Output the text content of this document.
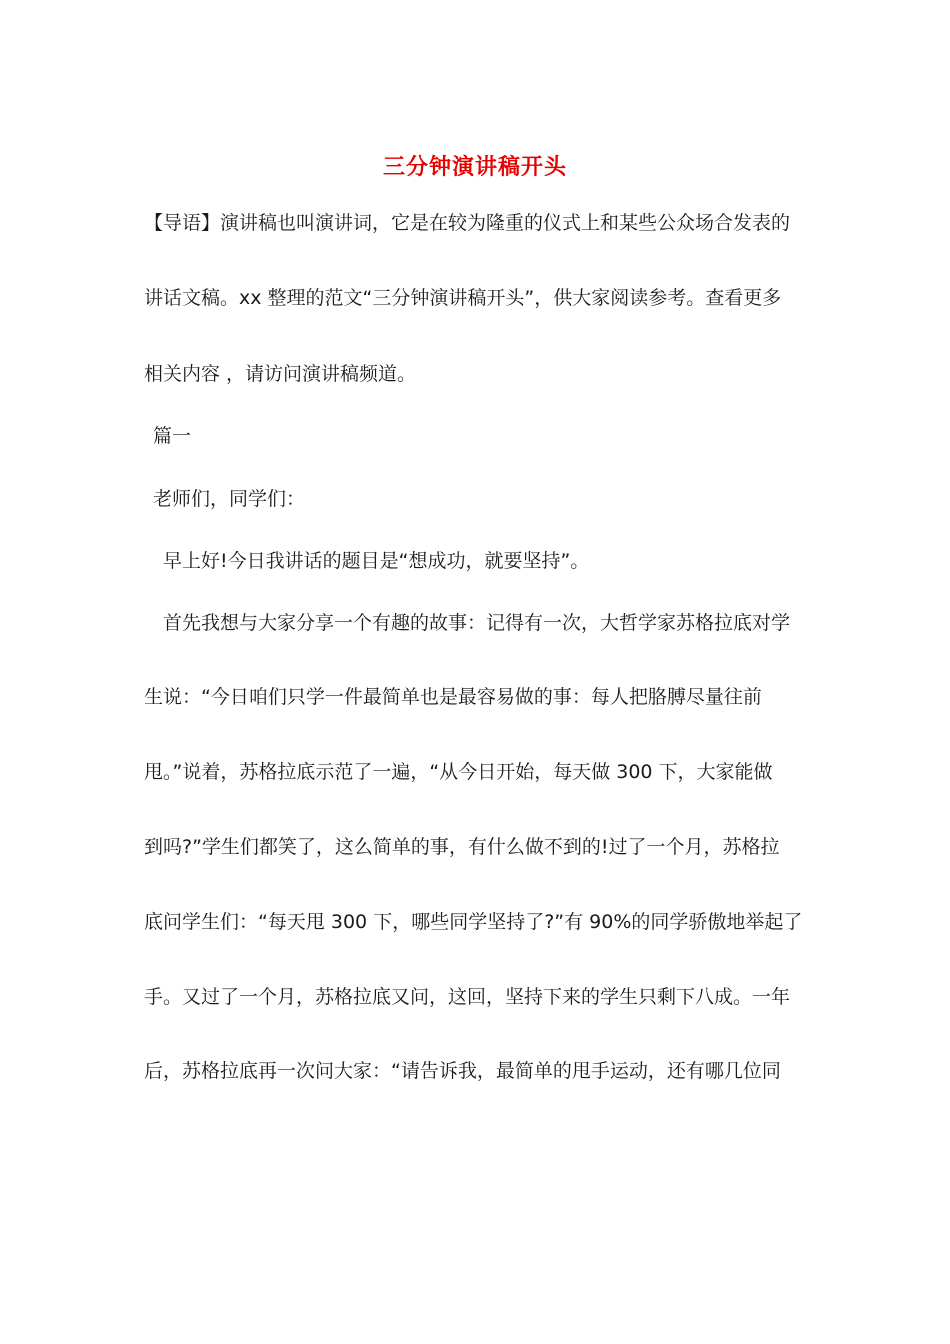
三分钟演讲稿开头

【导语】演讲稿也叫演讲词，它是在较为隆重的仪式上和某些公众场合发表的

讲话文稿。xx 整理的范文“三分钟演讲稿开头”，供大家阅读参考。查看更多

相关内容 ，请访问演讲稿频道。

篇一

老师们，同学们：

早上好!今日我讲话的题目是“想成功，就要坚持”。

首先我想与大家分享一个有趣的故事：记得有一次，大哲学家苏格拉底对学

生说：“今日咱们只学一件最简单也是最容易做的事：每人把胳膊尽量往前

甩。”说着，苏格拉底示范了一遍，“从今日开始，每天做 300 下，大家能做

到吗?”学生们都笑了，这么简单的事，有什么做不到的!过了一个月，苏格拉

底问学生们：“每天甩 300 下，哪些同学坚持了?”有 90%的同学骄傲地举起了

手。又过了一个月，苏格拉底又问，这回，坚持下来的学生只剩下八成。一年

后，苏格拉底再一次问大家：“请告诉我，最简单的甩手运动，还有哪几位同
